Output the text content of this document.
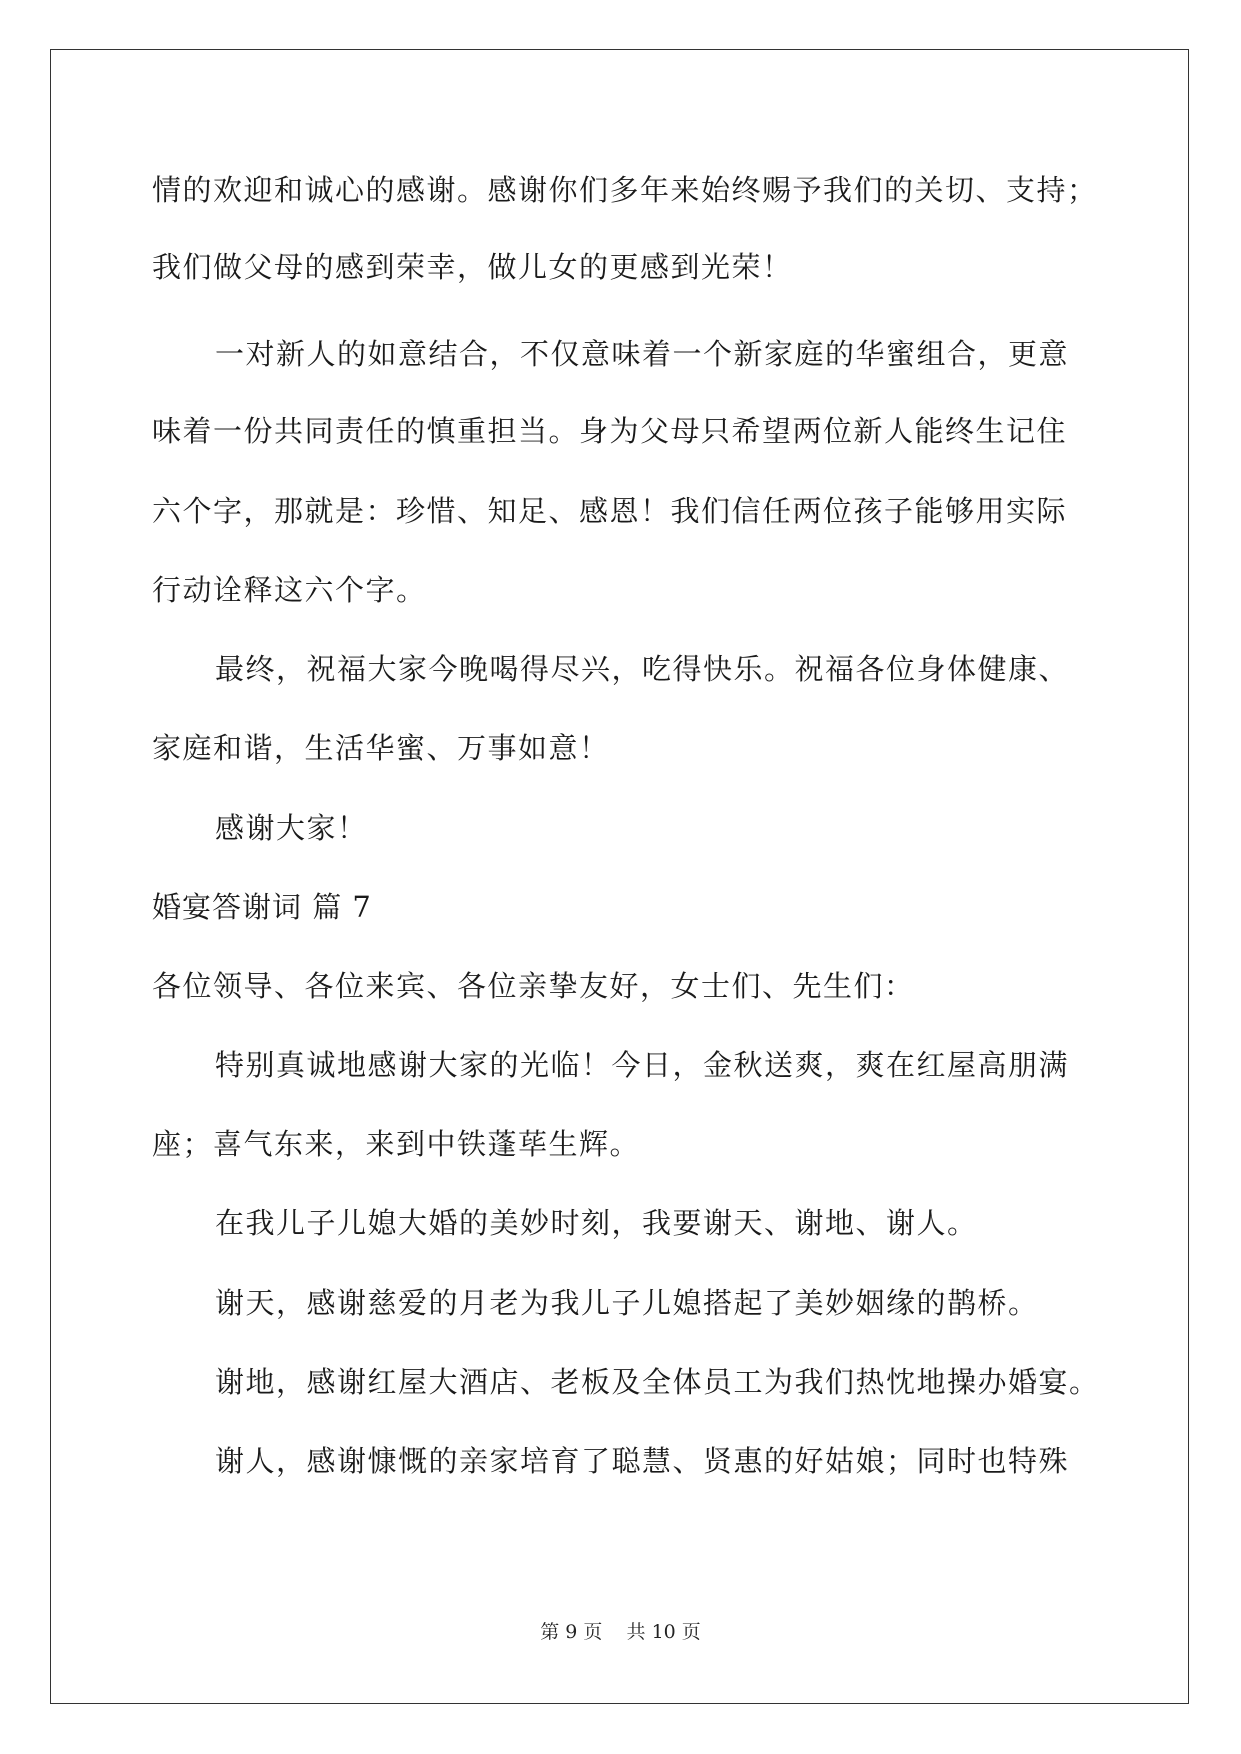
情的欢迎和诚心的感谢。感谢你们多年来始终赐予我们的关切、支持；
我们做父母的感到荣幸，做儿女的更感到光荣！
一对新人的如意结合，不仅意味着一个新家庭的华蜜组合，更意
味着一份共同责任的慎重担当。身为父母只希望两位新人能终生记住
六个字，那就是：珍惜、知足、感恩！我们信任两位孩子能够用实际
行动诠释这六个字。
最终，祝福大家今晚喝得尽兴，吃得快乐。祝福各位身体健康、
家庭和谐，生活华蜜、万事如意！
感谢大家！
婚宴答谢词 篇 7
各位领导、各位来宾、各位亲挚友好，女士们、先生们：
特别真诚地感谢大家的光临！今日，金秋送爽，爽在红屋高朋满
座；喜气东来，来到中铁蓬荜生辉。
在我儿子儿媳大婚的美妙时刻，我要谢天、谢地、谢人。
谢天，感谢慈爱的月老为我儿子儿媳搭起了美妙姻缘的鹊桥。
谢地，感谢红屋大酒店、老板及全体员工为我们热忱地操办婚宴。
谢人，感谢慷慨的亲家培育了聪慧、贤惠的好姑娘；同时也特殊
第 9 页    共 10 页
